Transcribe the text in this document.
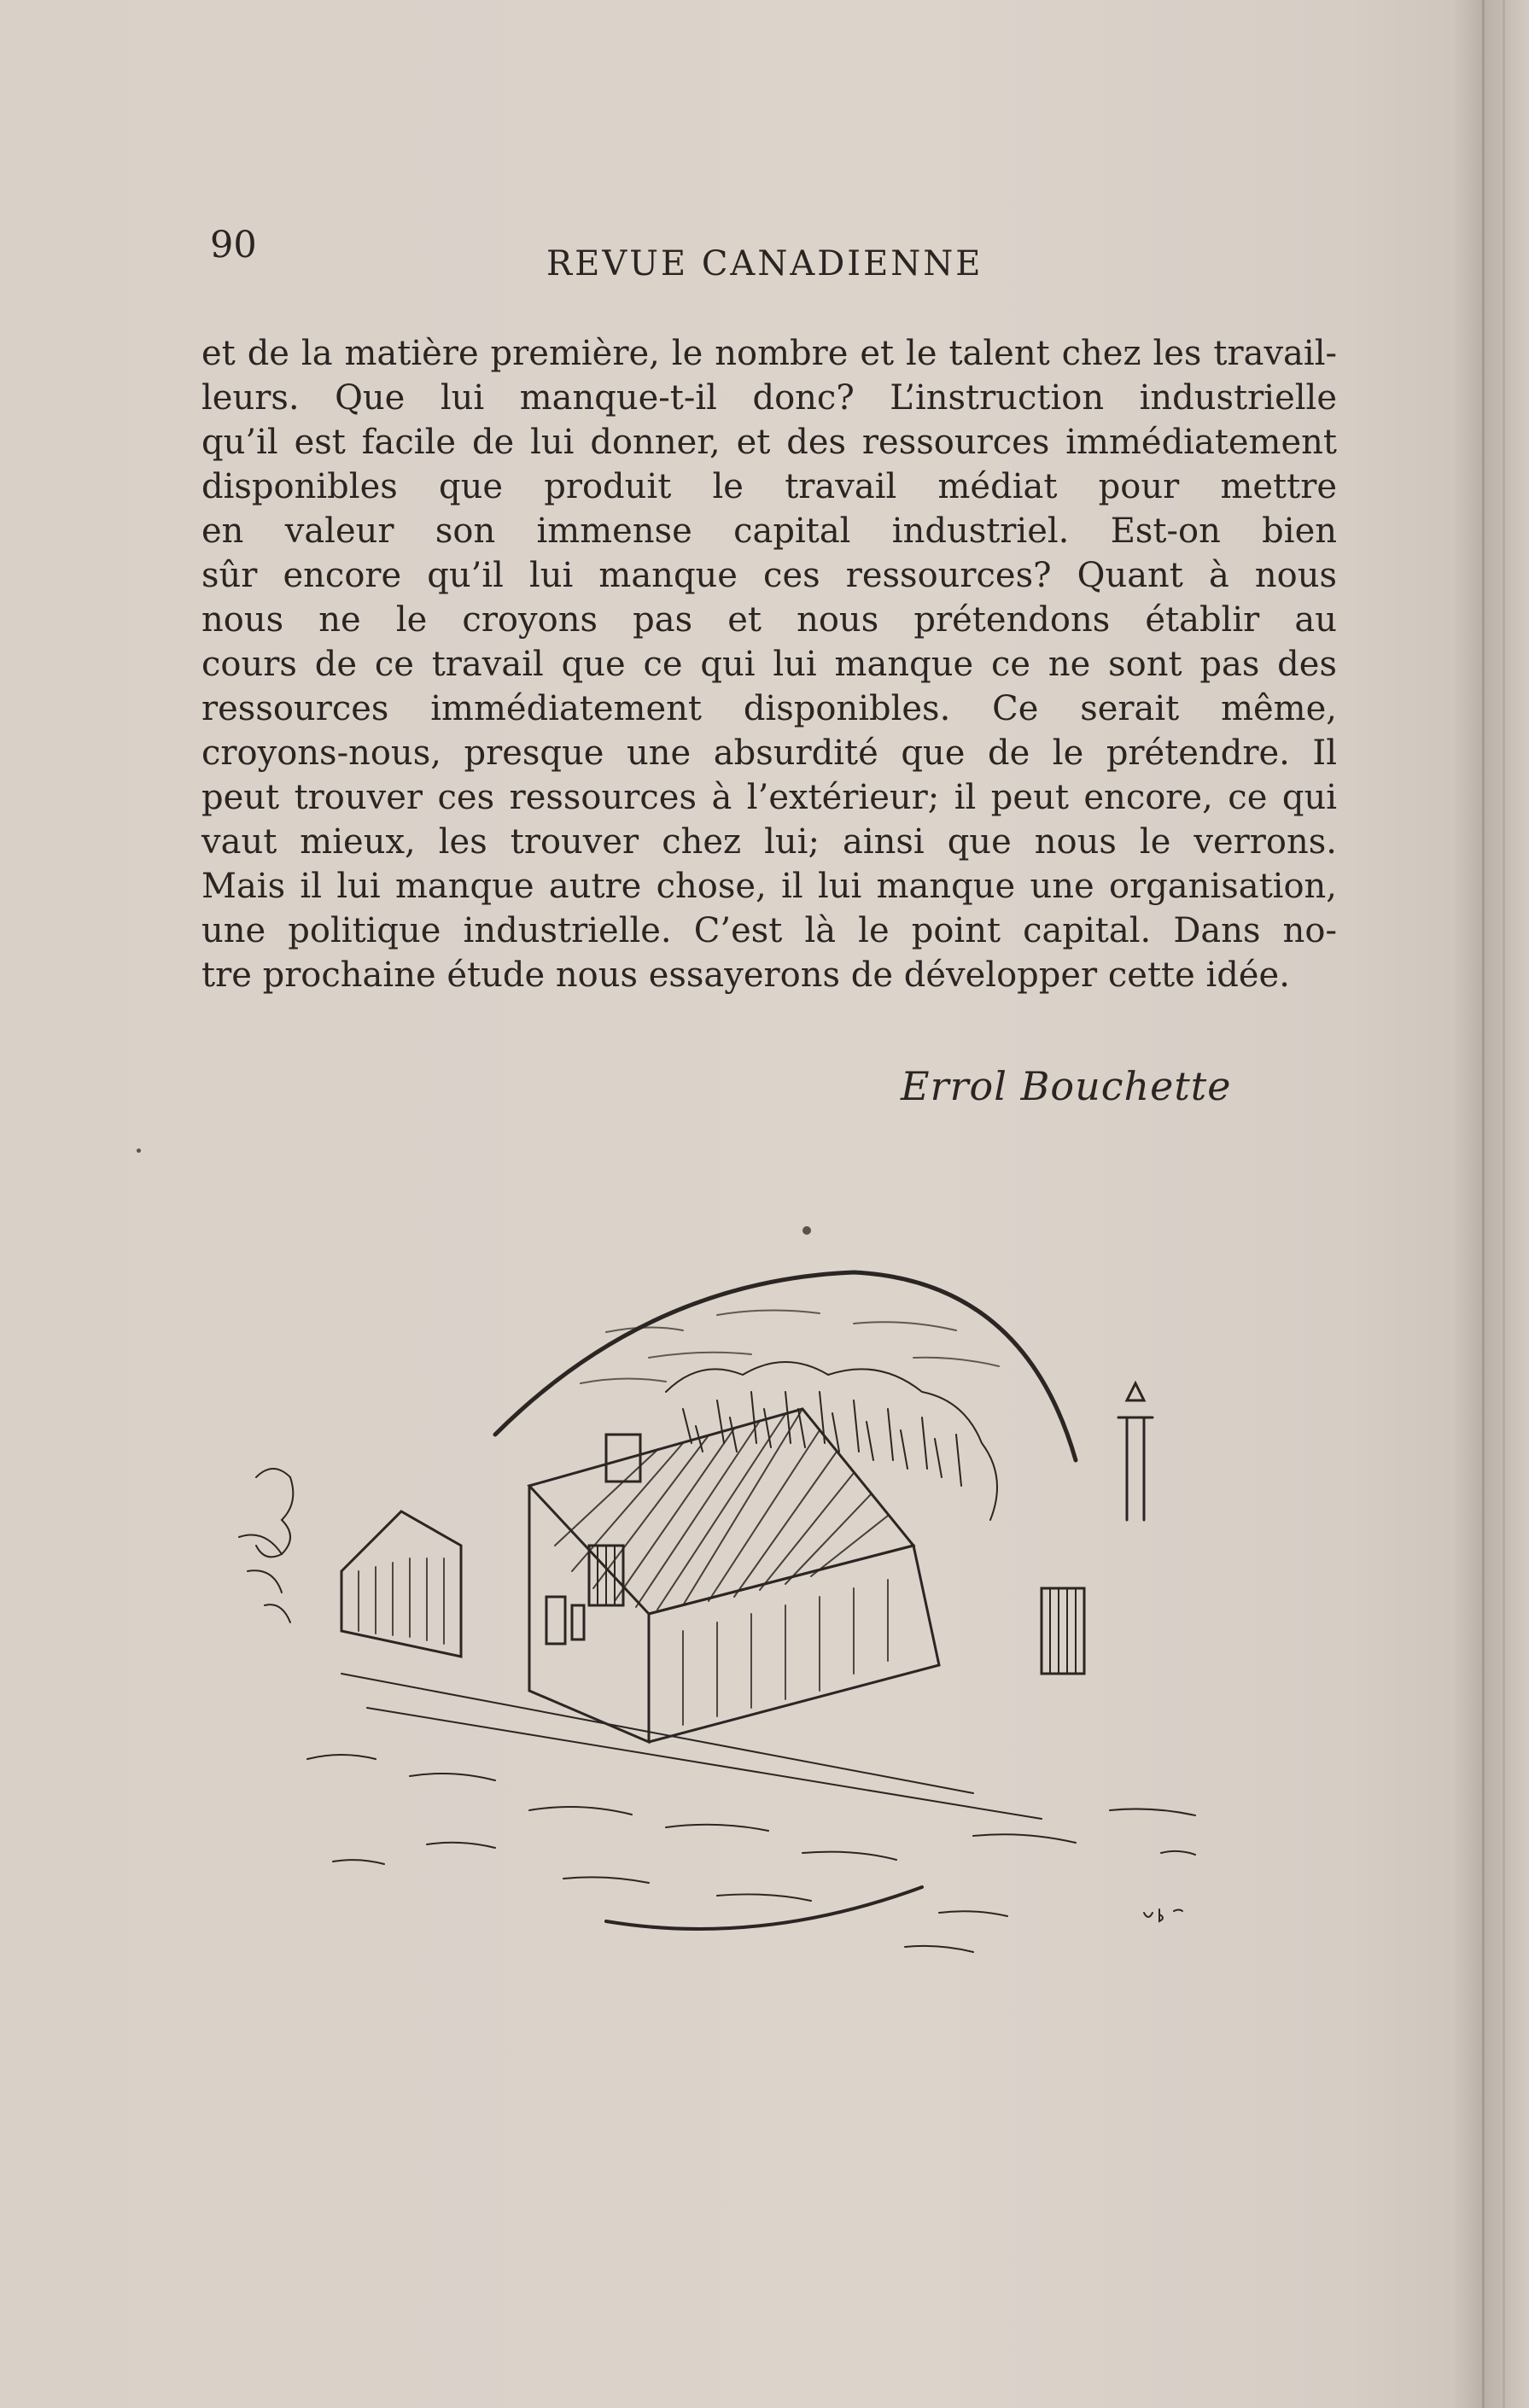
90	REVUE CANADIENNE
et de la matière première, le nombre et le talent chez les travail-
leurs. Que lui manque-t-il donc? L’instruction industrielle
qu’il est facile de lui donner, et des ressources immédiatement
disponibles que produit le travail médiat pour mettre
en valeur son immense capital industriel. Est-on bien
sûr encore qu’il lui manque ces ressources? Quant à nous
nous ne le croyons pas et nous prétendons établir au
cours de ce travail que ce qui lui manque ce ne sont pas des
ressources immédiatement disponibles. Ce serait même,
croyons-nous, presque une absurdité que de le prétendre. Il
peut trouver ces ressources à l’extérieur; il peut encore, ce qui
vaut mieux, les trouver chez lui; ainsi que nous le verrons.
Mais il lui manque autre chose, il lui manque une organisation,
une politique industrielle. C’est là le point capital. Dans no-
tre prochaine étude nous essayerons de développer cette idée.
Errol Bouchette
